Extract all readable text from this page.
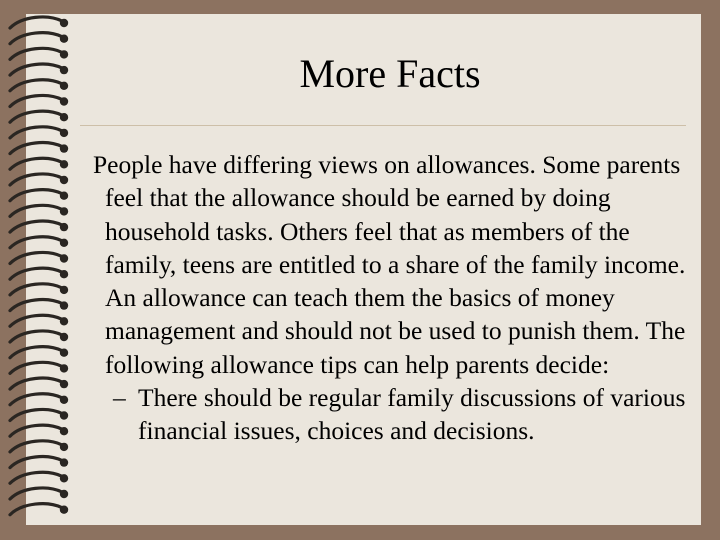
More Facts

People have differing views on allowances. Some parents feel that the allowance should be earned by doing household tasks. Others feel that as members of the family, teens are entitled to a share of the family income. An allowance can teach them the basics of money management and should not be used to punish them. The following allowance tips can help parents decide:

– There should be regular family discussions of various financial issues, choices and decisions.
